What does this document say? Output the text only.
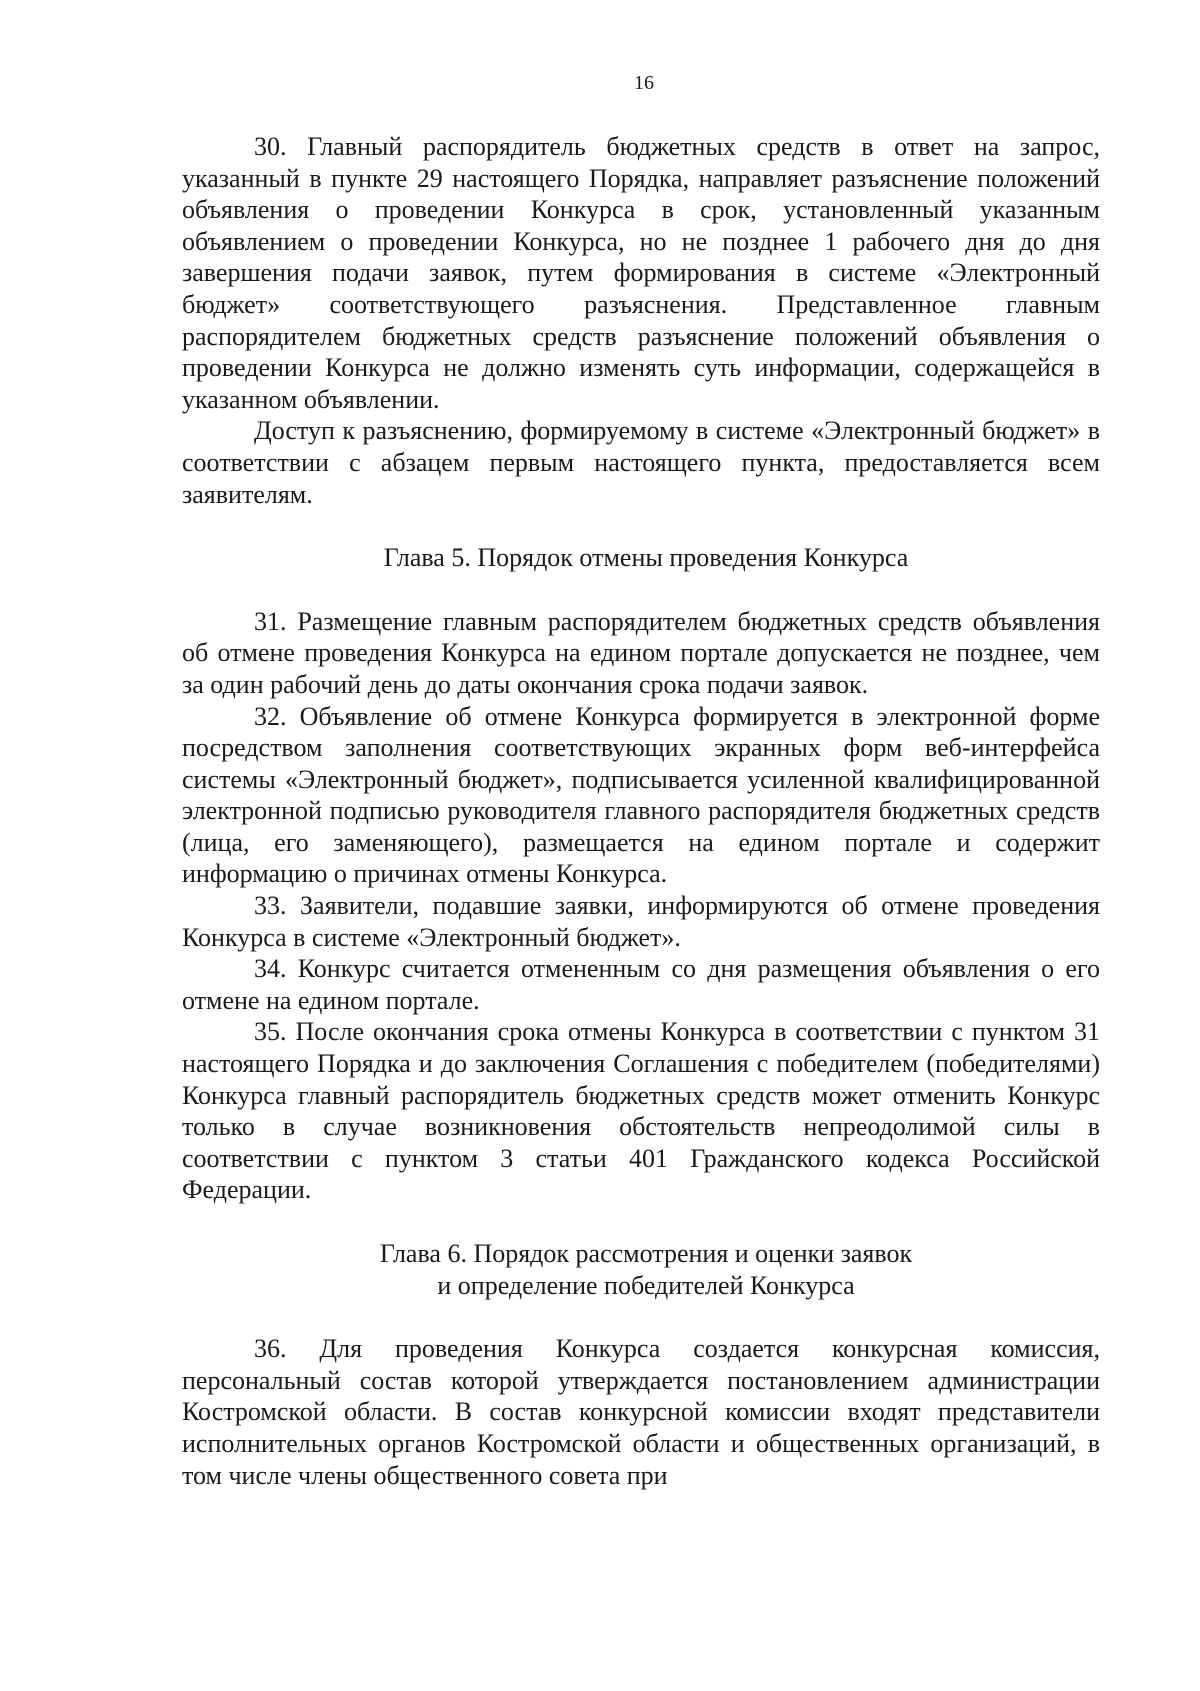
16

30. Главный распорядитель бюджетных средств в ответ на запрос, указанный в пункте 29 настоящего Порядка, направляет разъяснение положений объявления о проведении Конкурса в срок, установленный указанным объявлением о проведении Конкурса, но не позднее 1 рабочего дня до дня завершения подачи заявок, путем формирования в системе «Электронный бюджет» соответствующего разъяснения. Представленное главным распорядителем бюджетных средств разъяснение положений объявления о проведении Конкурса не должно изменять суть информации, содержащейся в указанном объявлении.

Доступ к разъяснению, формируемому в системе «Электронный бюджет» в соответствии с абзацем первым настоящего пункта, предоставляется всем заявителям.

Глава 5. Порядок отмены проведения Конкурса

31. Размещение главным распорядителем бюджетных средств объявления об отмене проведения Конкурса на едином портале допускается не позднее, чем за один рабочий день до даты окончания срока подачи заявок.

32. Объявление об отмене Конкурса формируется в электронной форме посредством заполнения соответствующих экранных форм веб-интерфейса системы «Электронный бюджет», подписывается усиленной квалифицированной электронной подписью руководителя главного распорядителя бюджетных средств (лица, его заменяющего), размещается на едином портале и содержит информацию о причинах отмены Конкурса.

33. Заявители, подавшие заявки, информируются об отмене проведения Конкурса в системе «Электронный бюджет».

34. Конкурс считается отмененным со дня размещения объявления о его отмене на едином портале.

35. После окончания срока отмены Конкурса в соответствии с пунктом 31 настоящего Порядка и до заключения Соглашения с победителем (победителями) Конкурса главный распорядитель бюджетных средств может отменить Конкурс только в случае возникновения обстоятельств непреодолимой силы в соответствии с пунктом 3 статьи 401 Гражданского кодекса Российской Федерации.

Глава 6. Порядок рассмотрения и оценки заявок
и определение победителей Конкурса

36. Для проведения Конкурса создается конкурсная комиссия, персональный состав которой утверждается постановлением администрации Костромской области. В состав конкурсной комиссии входят представители исполнительных органов Костромской области и общественных организаций, в том числе члены общественного совета при
